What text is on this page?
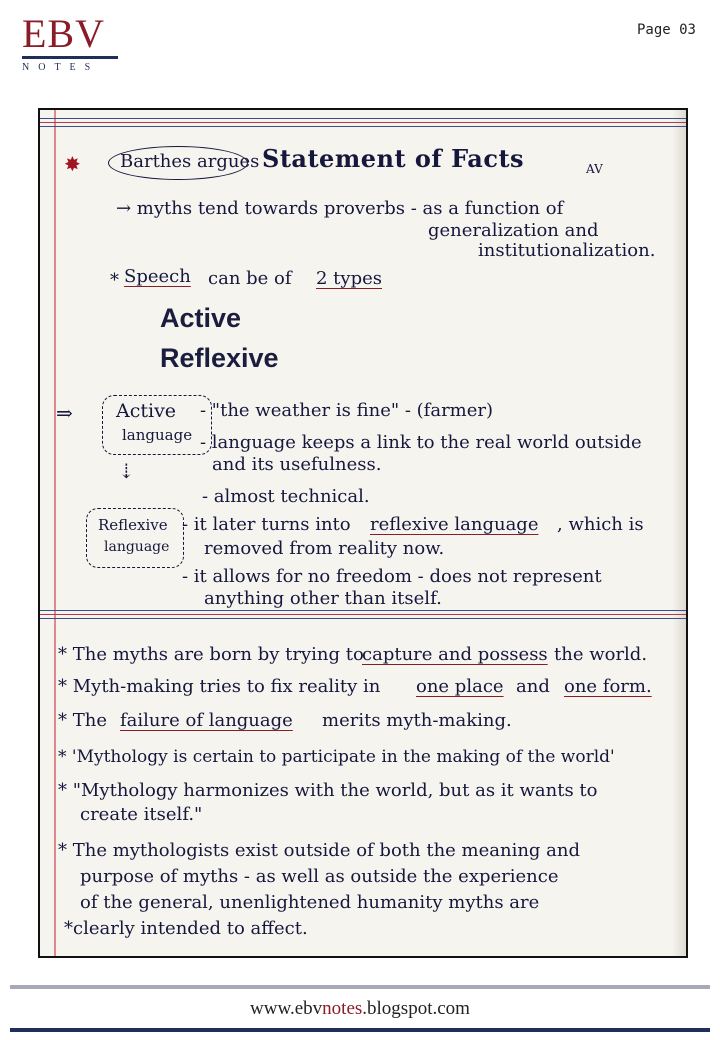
EBV
NOTES
Page 03
✸ Barthes argues Statement of Facts	AV
→ myths tend towards proverbs - as a function of
generalization and
institutionalization.
* Speech can be of 2 types
Active
Reflexive
⇒ Active
language
- "the weather is fine" - (farmer)
- language keeps a link to the real world outside
and its usefulness.
- almost technical.
⇣
Reflexive
language
- it later turns into reflexive language , which is
removed from reality now.
- it allows for no freedom - does not represent
anything other than itself.
* The myths are born by trying to
capture and possess the world.
* Myth-making tries to fix reality in one place and one form.
* The failure of language merits myth-making.
* 'Mythology is certain to participate in the making of the world'
* "Mythology harmonizes with the world, but as it wants to
create itself."
* The mythologists exist outside of both the meaning and
purpose of myths - as well as outside the experience
of the general, unenlightened humanity myths are
*clearly intended to affect.
www.ebvnotes.blogspot.com
